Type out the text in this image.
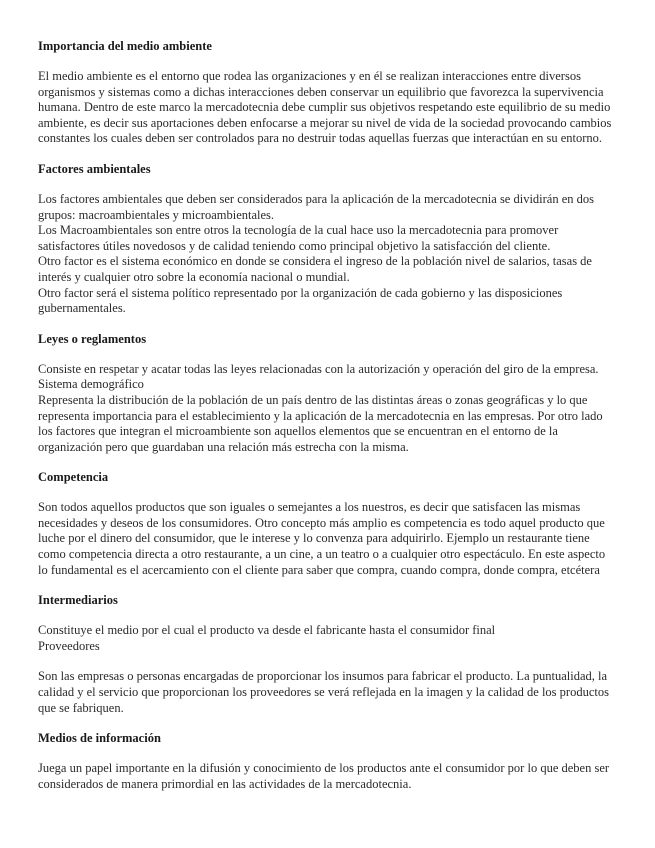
Importancia del medio ambiente

El medio ambiente es el entorno que rodea las organizaciones y en él se realizan interacciones entre diversos organismos y sistemas como a dichas interacciones deben conservar un equilibrio que favorezca la supervivencia humana. Dentro de este marco la mercadotecnia debe cumplir sus objetivos respetando este equilibrio de su medio ambiente, es decir sus aportaciones deben enfocarse a mejorar su nivel de vida de la sociedad provocando cambios constantes los cuales deben ser controlados para no destruir todas aquellas fuerzas que interactúan en su entorno.

Factores ambientales

Los factores ambientales que deben ser considerados para la aplicación de la mercadotecnia se dividirán en dos grupos: macroambientales y microambientales.

Los Macroambientales son entre otros la tecnología de la cual hace uso la mercadotecnia para promover satisfactores útiles novedosos y de calidad teniendo como principal objetivo la satisfacción del cliente.

Otro factor es el sistema económico en donde se considera el ingreso de la población nivel de salarios, tasas de interés y cualquier otro sobre la economía nacional o mundial.

Otro factor será el sistema político representado por la organización de cada gobierno y las disposiciones gubernamentales.

Leyes o reglamentos

Consiste en respetar y acatar todas las leyes relacionadas con la autorización y operación del giro de la empresa.

Sistema demográfico

Representa la distribución de la población de un país dentro de las distintas áreas o zonas geográficas y lo que representa importancia para el establecimiento y la aplicación de la mercadotecnia en las empresas. Por otro lado los factores que integran el microambiente son aquellos elementos que se encuentran en el entorno de la organización pero que guardaban una relación más estrecha con la misma.

Competencia

Son todos aquellos productos que son iguales o semejantes a los nuestros, es decir que satisfacen las mismas necesidades y deseos de los consumidores. Otro concepto más amplio es competencia es todo aquel producto que luche por el dinero del consumidor, que le interese y lo convenza para adquirirlo. Ejemplo un restaurante tiene como competencia directa a otro restaurante, a un cine, a un teatro o a cualquier otro espectáculo. En este aspecto lo fundamental es el acercamiento con el cliente para saber que compra, cuando compra, donde compra, etcétera

Intermediarios

Constituye el medio por el cual el producto va desde el fabricante hasta el consumidor final

Proveedores

Son las empresas o personas encargadas de proporcionar los insumos para fabricar el producto. La puntualidad, la calidad y el servicio que proporcionan los proveedores se verá reflejada en la imagen y la calidad de los productos que se fabriquen.

Medios de información

Juega un papel importante en la difusión y conocimiento de los productos ante el consumidor por lo que deben ser considerados de manera primordial en las actividades de la mercadotecnia.
